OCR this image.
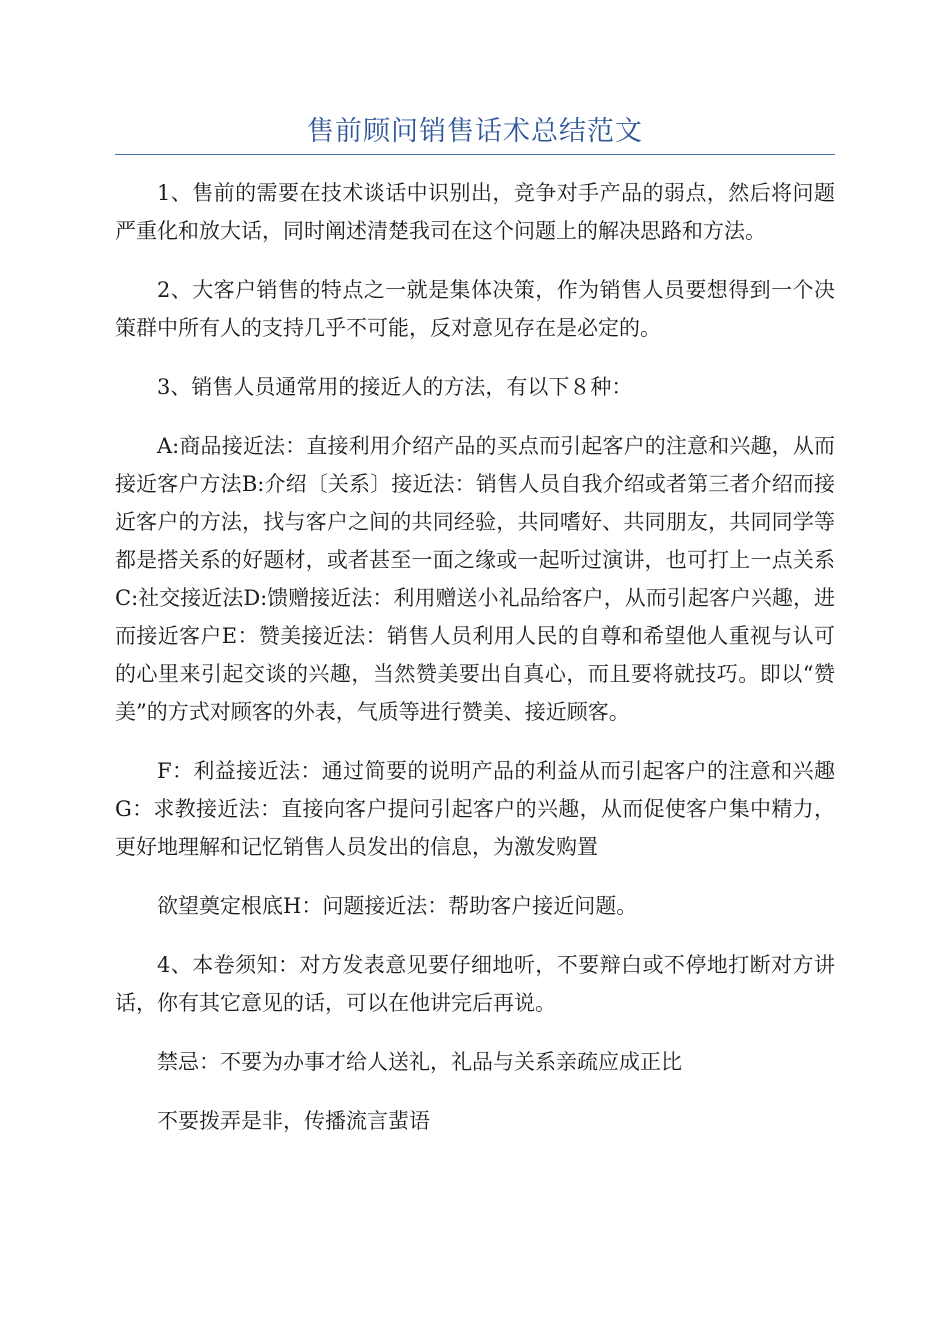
售前顾问销售话术总结范文

1、售前的需要在技术谈话中识别出，竞争对手产品的弱点，然后将问题严重化和放大话，同时阐述清楚我司在这个问题上的解决思路和方法。

2、大客户销售的特点之一就是集体决策，作为销售人员要想得到一个决策群中所有人的支持几乎不可能，反对意见存在是必定的。

3、销售人员通常用的接近人的方法，有以下８种：

A:商品接近法：直接利用介绍产品的买点而引起客户的注意和兴趣，从而接近客户方法B:介绍〔关系〕接近法：销售人员自我介绍或者第三者介绍而接近客户的方法，找与客户之间的共同经验，共同嗜好、共同朋友，共同同学等都是搭关系的好题材，或者甚至一面之缘或一起听过演讲，也可打上一点关系C:社交接近法D:馈赠接近法：利用赠送小礼品给客户，从而引起客户兴趣，进而接近客户E：赞美接近法：销售人员利用人民的自尊和希望他人重视与认可的心里来引起交谈的兴趣，当然赞美要出自真心，而且要将就技巧。即以“赞美”的方式对顾客的外表，气质等进行赞美、接近顾客。

F：利益接近法：通过简要的说明产品的利益从而引起客户的注意和兴趣G：求教接近法：直接向客户提问引起客户的兴趣，从而促使客户集中精力，更好地理解和记忆销售人员发出的信息，为激发购置

欲望奠定根底H：问题接近法：帮助客户接近问题。

4、本卷须知：对方发表意见要仔细地听，不要辩白或不停地打断对方讲话，你有其它意见的话，可以在他讲完后再说。

禁忌：不要为办事才给人送礼，礼品与关系亲疏应成正比

不要拨弄是非，传播流言蜚语
